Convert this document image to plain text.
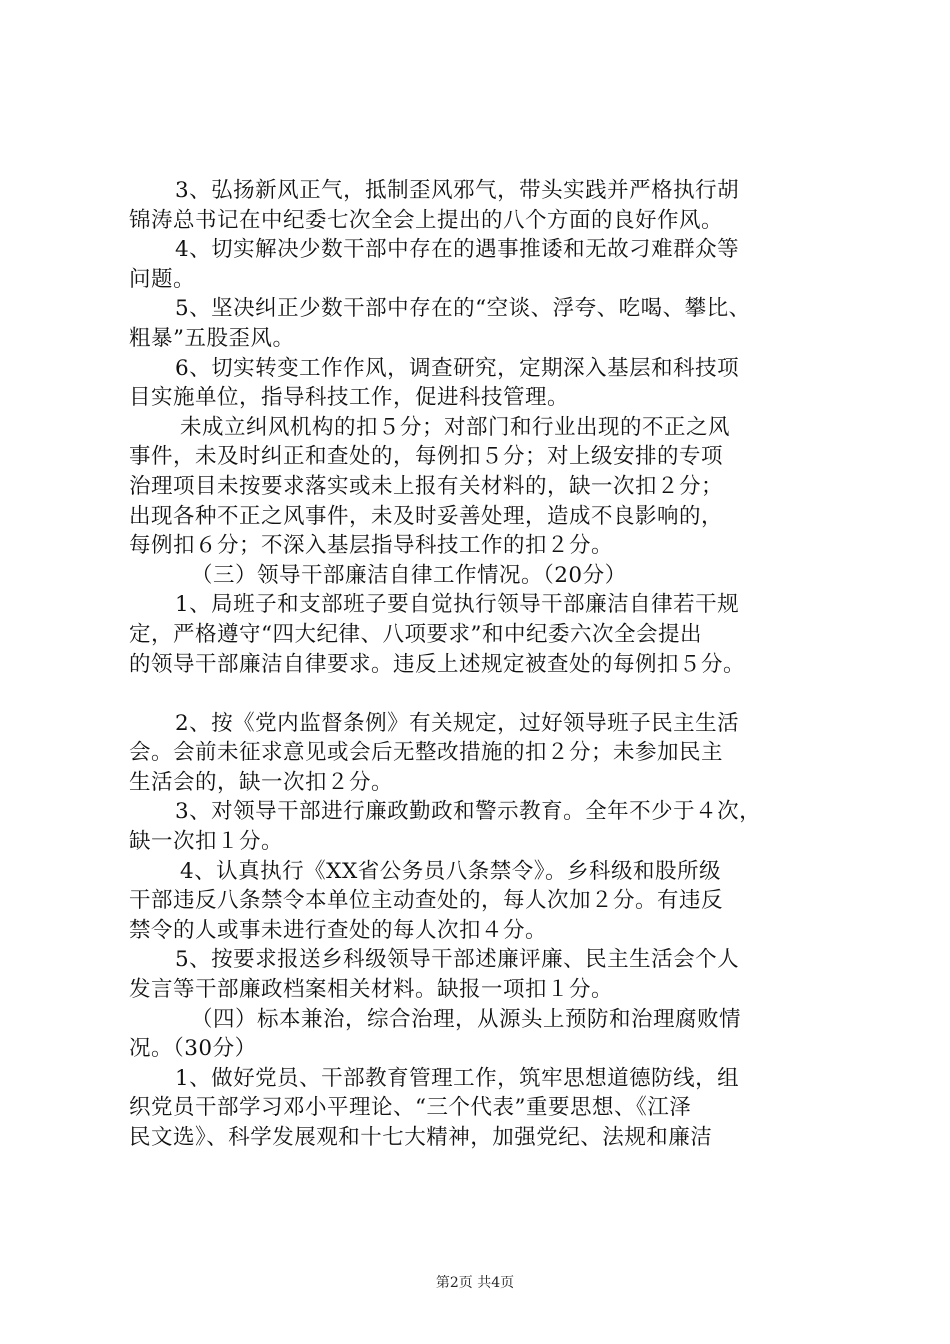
3、弘扬新风正气，抵制歪风邪气，带头实践并严格执行胡
锦涛总书记在中纪委七次全会上提出的八个方面的良好作风。
4、切实解决少数干部中存在的遇事推诿和无故刁难群众等
问题。
5、坚决纠正少数干部中存在的“空谈、浮夸、吃喝、攀比、
粗暴”五股歪风。
6、切实转变工作作风，调查研究，定期深入基层和科技项
目实施单位，指导科技工作，促进科技管理。
未成立纠风机构的扣５分；对部门和行业出现的不正之风
事件，未及时纠正和查处的，每例扣５分；对上级安排的专项
治理项目未按要求落实或未上报有关材料的，缺一次扣２分；
出现各种不正之风事件，未及时妥善处理，造成不良影响的，
每例扣６分；不深入基层指导科技工作的扣２分。
（三）领导干部廉洁自律工作情况。（20分）
1、局班子和支部班子要自觉执行领导干部廉洁自律若干规
定，严格遵守“四大纪律、八项要求”和中纪委六次全会提出
的领导干部廉洁自律要求。违反上述规定被查处的每例扣５分。
2、按《党内监督条例》有关规定，过好领导班子民主生活
会。会前未征求意见或会后无整改措施的扣２分；未参加民主
生活会的，缺一次扣２分。
3、对领导干部进行廉政勤政和警示教育。全年不少于４次，
缺一次扣１分。
4、认真执行《XX省公务员八条禁令》。乡科级和股所级
干部违反八条禁令本单位主动查处的，每人次加２分。有违反
禁令的人或事未进行查处的每人次扣４分。
5、按要求报送乡科级领导干部述廉评廉、民主生活会个人
发言等干部廉政档案相关材料。缺报一项扣１分。
（四）标本兼治，综合治理，从源头上预防和治理腐败情
况。（30分）
1、做好党员、干部教育管理工作，筑牢思想道德防线，组
织党员干部学习邓小平理论、“三个代表”重要思想、《江泽
民文选》、科学发展观和十七大精神，加强党纪、法规和廉洁
第2页 共4页
